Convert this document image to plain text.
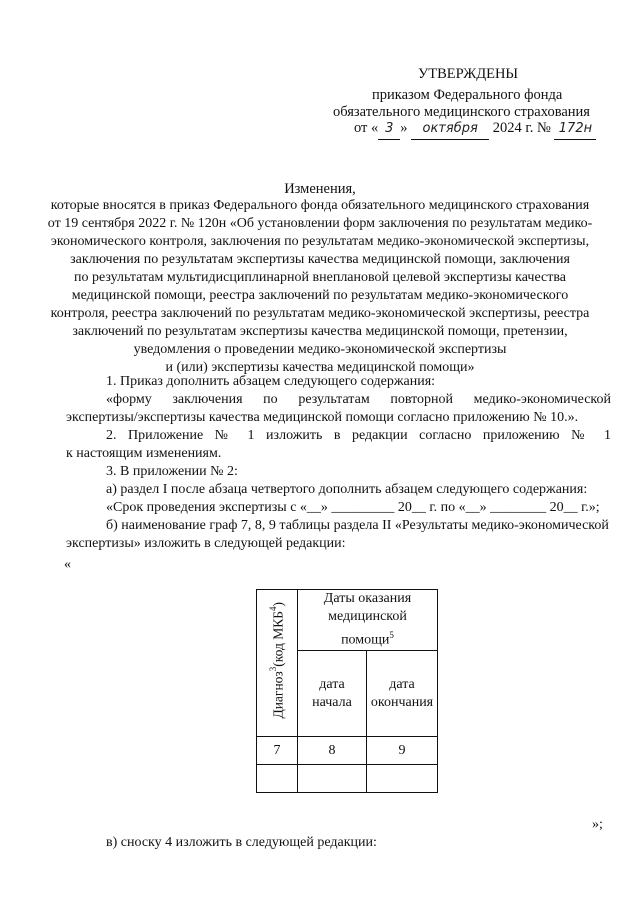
УТВЕРЖДЕНЫ
приказом Федерального фонда
обязательного медицинского страхования
от « 3 » октября 2024 г. № 172н
Изменения,
которые вносятся в приказ Федерального фонда обязательного медицинского страхования
от 19 сентября 2022 г. № 120н «Об установлении форм заключения по результатам медико-
экономического контроля, заключения по результатам медико-экономической экспертизы,
заключения по результатам экспертизы качества медицинской помощи, заключения
по результатам мультидисциплинарной внеплановой целевой экспертизы качества
медицинской помощи, реестра заключений по результатам медико-экономического
контроля, реестра заключений по результатам медико-экономической экспертизы, реестра
заключений по результатам экспертизы качества медицинской помощи, претензии,
уведомления о проведении медико-экономической экспертизы
и (или) экспертизы качества медицинской помощи»
1. Приказ дополнить абзацем следующего содержания:
«форму заключения по результатам повторной медико-экономической
экспертизы/экспертизы качества медицинской помощи согласно приложению № 10.».
2. Приложение № 1 изложить в редакции согласно приложению № 1
к настоящим изменениям.
3. В приложении № 2:
а) раздел I после абзаца четвертого дополнить абзацем следующего содержания:
«Срок проведения экспертизы с «__» _________ 20__ г. по «__» ________ 20__ г.»;
б) наименование граф 7, 8, 9 таблицы раздела II «Результаты медико-экономической
экспертизы» изложить в следующей редакции:
«
Диагноз$^3$(код МКБ$^4$)	Даты оказания медицинской помощи$^5$

	дата начала	дата окончания

7	8	9

»;
в) сноску 4 изложить в следующей редакции:
